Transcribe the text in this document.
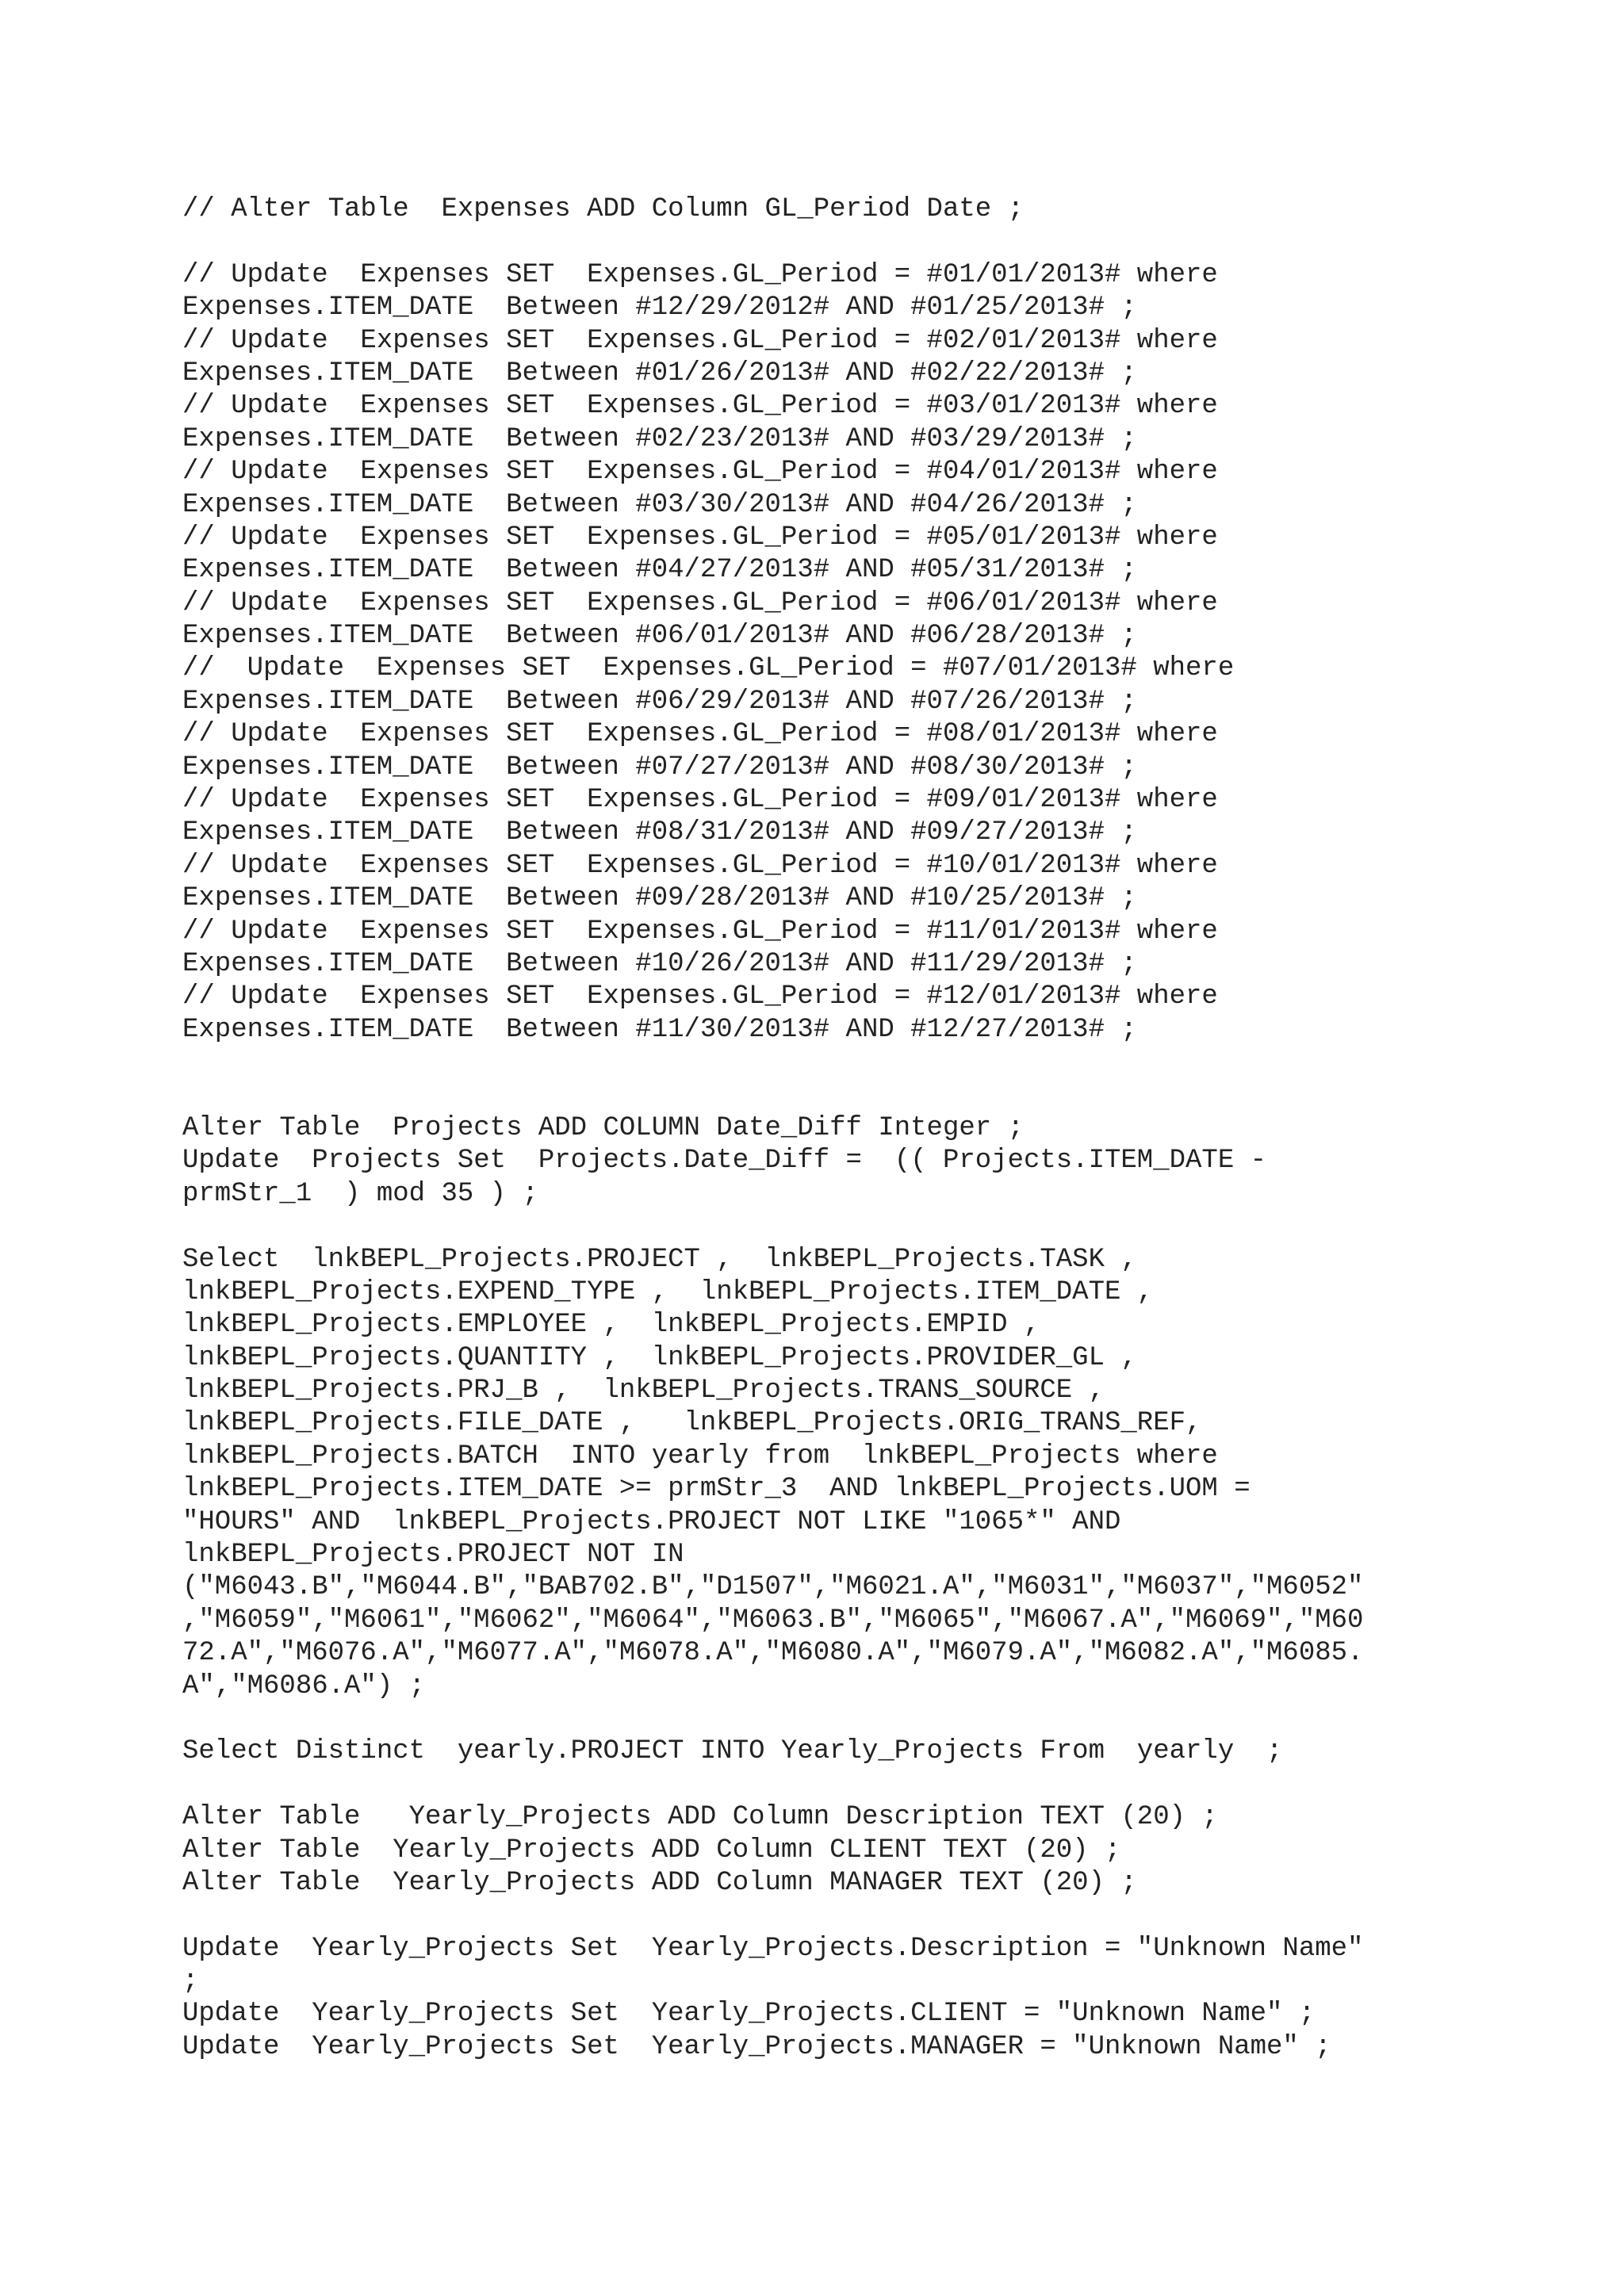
// Alter Table  Expenses ADD Column GL_Period Date ;
// Update  Expenses SET  Expenses.GL_Period = #01/01/2013# where
Expenses.ITEM_DATE  Between #12/29/2012# AND #01/25/2013# ;
// Update  Expenses SET  Expenses.GL_Period = #02/01/2013# where
Expenses.ITEM_DATE  Between #01/26/2013# AND #02/22/2013# ;
// Update  Expenses SET  Expenses.GL_Period = #03/01/2013# where
Expenses.ITEM_DATE  Between #02/23/2013# AND #03/29/2013# ;
// Update  Expenses SET  Expenses.GL_Period = #04/01/2013# where
Expenses.ITEM_DATE  Between #03/30/2013# AND #04/26/2013# ;
// Update  Expenses SET  Expenses.GL_Period = #05/01/2013# where
Expenses.ITEM_DATE  Between #04/27/2013# AND #05/31/2013# ;
// Update  Expenses SET  Expenses.GL_Period = #06/01/2013# where
Expenses.ITEM_DATE  Between #06/01/2013# AND #06/28/2013# ;
//  Update  Expenses SET  Expenses.GL_Period = #07/01/2013# where
Expenses.ITEM_DATE  Between #06/29/2013# AND #07/26/2013# ;
// Update  Expenses SET  Expenses.GL_Period = #08/01/2013# where
Expenses.ITEM_DATE  Between #07/27/2013# AND #08/30/2013# ;
// Update  Expenses SET  Expenses.GL_Period = #09/01/2013# where
Expenses.ITEM_DATE  Between #08/31/2013# AND #09/27/2013# ;
// Update  Expenses SET  Expenses.GL_Period = #10/01/2013# where
Expenses.ITEM_DATE  Between #09/28/2013# AND #10/25/2013# ;
// Update  Expenses SET  Expenses.GL_Period = #11/01/2013# where
Expenses.ITEM_DATE  Between #10/26/2013# AND #11/29/2013# ;
// Update  Expenses SET  Expenses.GL_Period = #12/01/2013# where
Expenses.ITEM_DATE  Between #11/30/2013# AND #12/27/2013# ;
Alter Table  Projects ADD COLUMN Date_Diff Integer ;
Update  Projects Set  Projects.Date_Diff =  (( Projects.ITEM_DATE -
prmStr_1  ) mod 35 ) ;
Select  lnkBEPL_Projects.PROJECT ,  lnkBEPL_Projects.TASK ,
lnkBEPL_Projects.EXPEND_TYPE ,  lnkBEPL_Projects.ITEM_DATE ,
lnkBEPL_Projects.EMPLOYEE ,  lnkBEPL_Projects.EMPID ,
lnkBEPL_Projects.QUANTITY ,  lnkBEPL_Projects.PROVIDER_GL ,
lnkBEPL_Projects.PRJ_B ,  lnkBEPL_Projects.TRANS_SOURCE ,
lnkBEPL_Projects.FILE_DATE ,   lnkBEPL_Projects.ORIG_TRANS_REF,
lnkBEPL_Projects.BATCH  INTO yearly from  lnkBEPL_Projects where
lnkBEPL_Projects.ITEM_DATE >= prmStr_3  AND lnkBEPL_Projects.UOM =
"HOURS" AND  lnkBEPL_Projects.PROJECT NOT LIKE "1065*" AND
lnkBEPL_Projects.PROJECT NOT IN
("M6043.B","M6044.B","BAB702.B","D1507","M6021.A","M6031","M6037","M6052"
,"M6059","M6061","M6062","M6064","M6063.B","M6065","M6067.A","M6069","M60
72.A","M6076.A","M6077.A","M6078.A","M6080.A","M6079.A","M6082.A","M6085.
A","M6086.A") ;
Select Distinct  yearly.PROJECT INTO Yearly_Projects From  yearly  ;
Alter Table   Yearly_Projects ADD Column Description TEXT (20) ;
Alter Table  Yearly_Projects ADD Column CLIENT TEXT (20) ;
Alter Table  Yearly_Projects ADD Column MANAGER TEXT (20) ;
Update  Yearly_Projects Set  Yearly_Projects.Description = "Unknown Name"
;
Update  Yearly_Projects Set  Yearly_Projects.CLIENT = "Unknown Name" ;
Update  Yearly_Projects Set  Yearly_Projects.MANAGER = "Unknown Name" ;
